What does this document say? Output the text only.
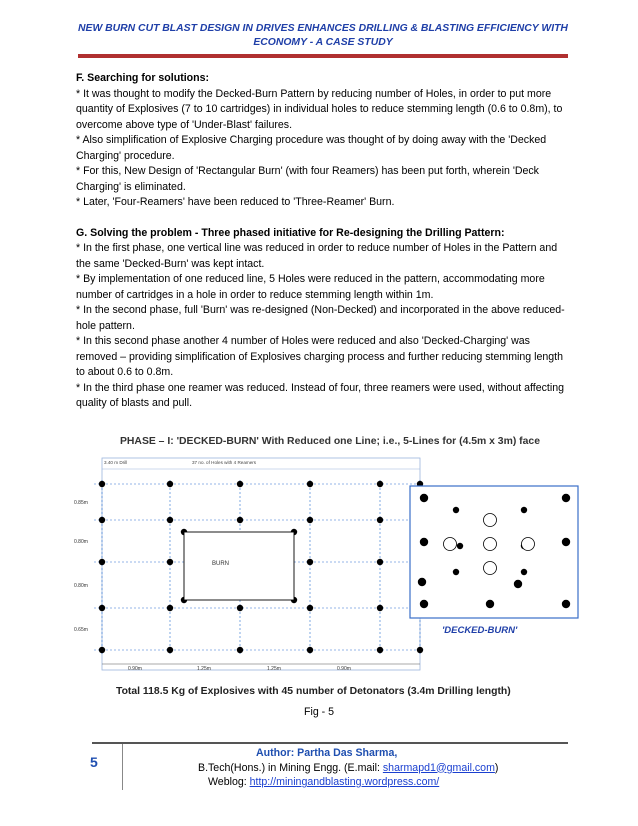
NEW BURN CUT BLAST DESIGN IN DRIVES ENHANCES DRILLING & BLASTING EFFICIENCY WITH
ECONOMY - A CASE STUDY

F. Searching for solutions:

* It was thought to modify the Decked-Burn Pattern by reducing number of Holes, in order to put more quantity of Explosives (7 to 10 cartridges) in individual holes to reduce stemming length (0.6 to 0.8m), to overcome above type of 'Under-Blast' failures.

* Also simplification of Explosive Charging procedure was thought of by doing away with the 'Decked Charging' procedure.

* For this, New Design of 'Rectangular Burn' (with four Reamers) has been put forth, wherein 'Deck Charging' is eliminated.

* Later, 'Four-Reamers' have been reduced to 'Three-Reamer' Burn.

G. Solving the problem - Three phased initiative for Re-designing the Drilling Pattern:

* In the first phase, one vertical line was reduced in order to reduce number of Holes in the Pattern and the same 'Decked-Burn' was kept intact.

* By implementation of one reduced line, 5 Holes were reduced in the pattern, accommodating more number of cartridges in a hole in order to reduce stemming length within 1m.

* In the second phase, full 'Burn' was re-designed (Non-Decked) and incorporated in the above reduced-hole pattern.

* In this second phase another 4 number of Holes were reduced and also 'Decked-Charging' was removed – providing simplification of Explosives charging process and further reducing stemming length to about 0.6 to 0.8m.

* In the third phase one reamer was reduced. Instead of four, three reamers were used, without affecting quality of blasts and pull.

PHASE – I: 'DECKED-BURN' With Reduced one Line; i.e., 5-Lines for (4.5m x 3m) face
3.40 m Drill	37 no. of Holes with 4 Reamers
BURN
0.90m	1.25m	1.25m	0.90m
0.85m
0.80m
0.80m
0.65m	'DECKED-BURN'
Total 118.5 Kg of Explosives with 45 number of Detonators (3.4m Drilling length)
Fig - 5
5
Author: Partha Das Sharma,
B.Tech(Hons.) in Mining Engg. (E.mail: sharmapd1@gmail.com)
Weblog: http://miningandblasting.wordpress.com/
